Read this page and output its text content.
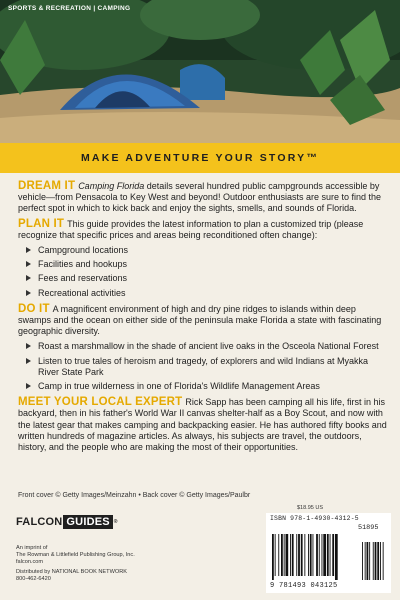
SPORTS & RECREATION | CAMPING
MAKE ADVENTURE YOUR STORY™

DREAM IT Camping Florida details several hundred public campgrounds accessible by vehicle—from Pensacola to Key West and beyond! Outdoor enthusiasts are sure to find the perfect spot in which to kick back and enjoy the sights, smells, and sounds of Florida.

PLAN IT This guide provides the latest information to plan a customized trip (please recognize that specific prices and areas being reconditioned often change):

Campground locations
Facilities and hookups
Fees and reservations
Recreational activities

DO IT A magnificent environment of high and dry pine ridges to islands within deep swamps and the ocean on either side of the peninsula make Florida a state with fascinating geographic diversity.

Roast a marshmallow in the shade of ancient live oaks in the Osceola National Forest
Listen to true tales of heroism and tragedy, of explorers and wild Indians at Myakka River State Park
Camp in true wilderness in one of Florida's Wildlife Management Areas

MEET YOUR LOCAL EXPERT Rick Sapp has been camping all his life, first in his backyard, then in his father's World War II canvas shelter-half as a Boy Scout, and now with the latest gear that makes camping and backpacking easier. He has authored fifty books and written hundreds of magazine articles. As always, his subjects are travel, the outdoors, history, and the people who are making the most of their opportunities.

Front cover © Getty Images/Meinzahn • Back cover © Getty Images/Paulbr
FALCON GUIDES ®
An imprint of
The Rowman & Littlefield Publishing Group, Inc.
falcon.com
Distributed by NATIONAL BOOK NETWORK
800-462-6420
$18.95 US
ISBN 978-1-4930-4312-5
51895
9 781493 043125
